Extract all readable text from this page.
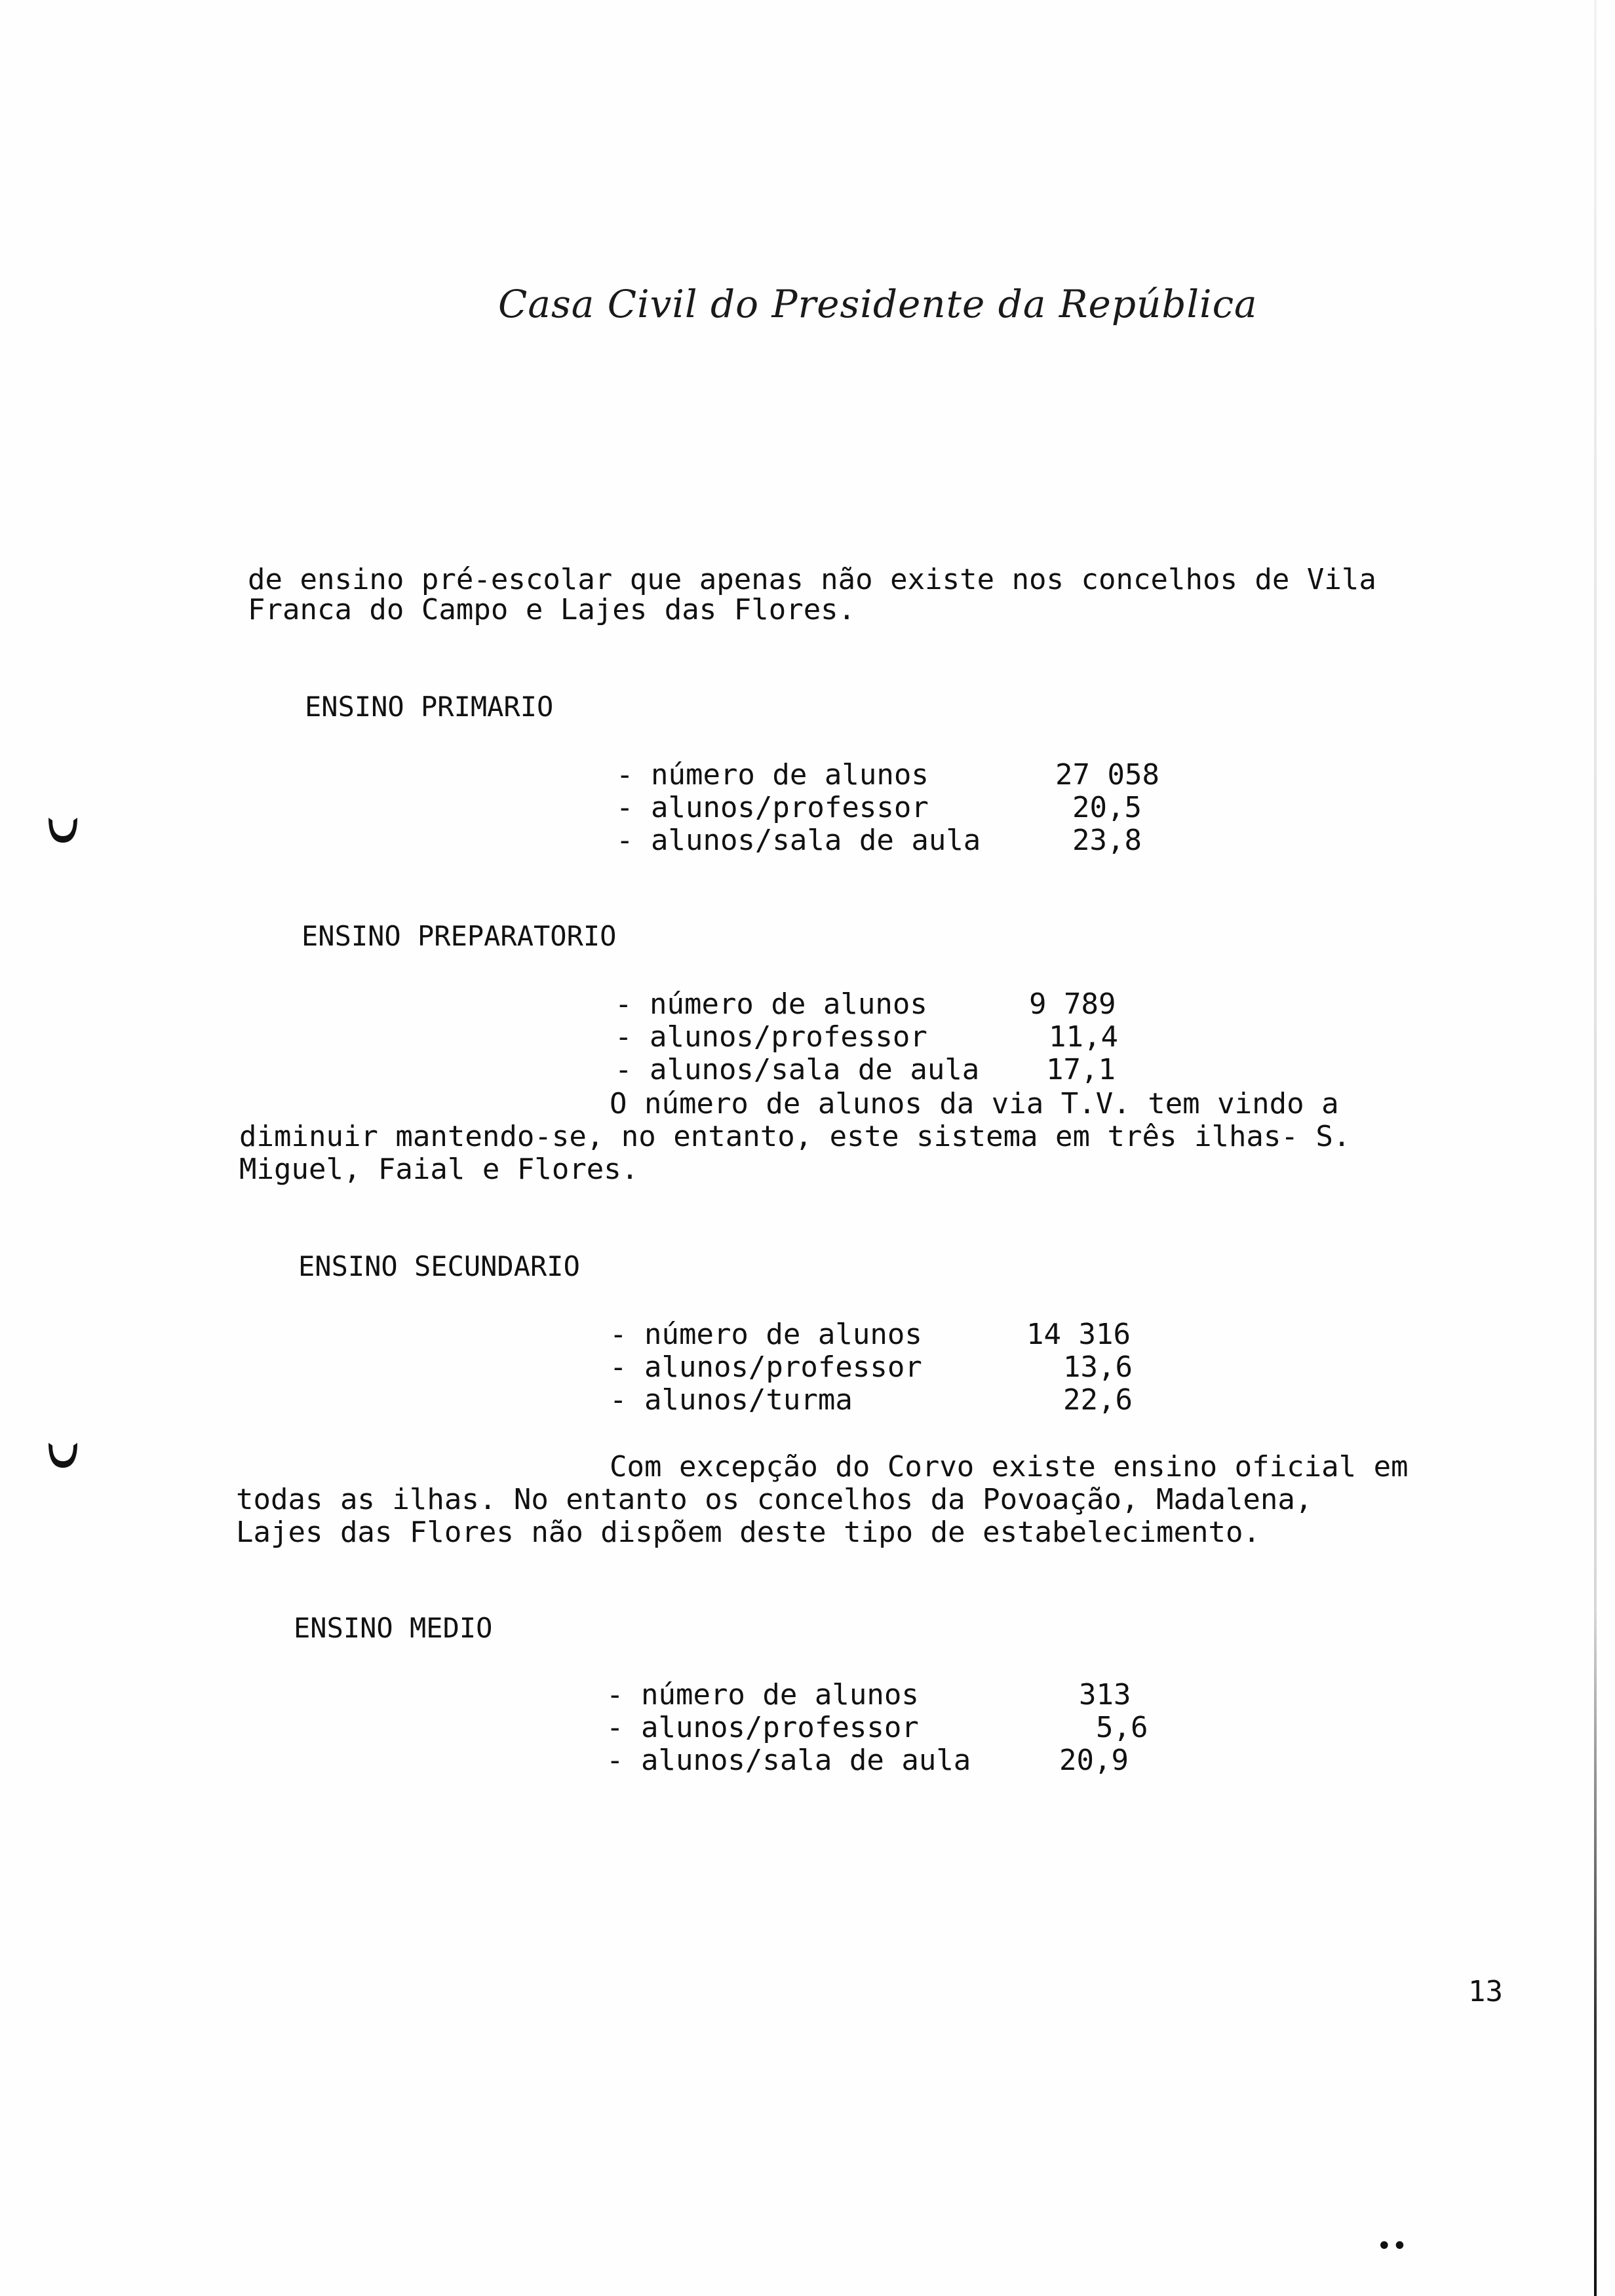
Casa Civil do Presidente da República
de ensino pré-escolar que apenas não existe nos concelhos de Vila
Franca do Campo e Lajes das Flores.
ENSINO PRIMARIO
- número de alunos	27 058
- alunos/professor	20,5
- alunos/sala de aula	23,8
ENSINO PREPARATORIO
- número de alunos	9 789
- alunos/professor	11,4
- alunos/sala de aula 17,1
O número de alunos da via T.V. tem vindo a
diminuir mantendo-se, no entanto, este sistema em três ilhas- S.
Miguel, Faial e Flores.
ENSINO SECUNDARIO
- número de alunos	14 316
- alunos/professor	13,6
- alunos/turma	22,6
Com excepção do Corvo existe ensino oficial em
todas as ilhas. No entanto os concelhos da Povoação, Madalena,
Lajes das Flores não dispõem deste tipo de estabelecimento.
ENSINO MEDIO
- número de alunos	313
- alunos/professor	5,6
- alunos/sala de aula	20,9
13
••
